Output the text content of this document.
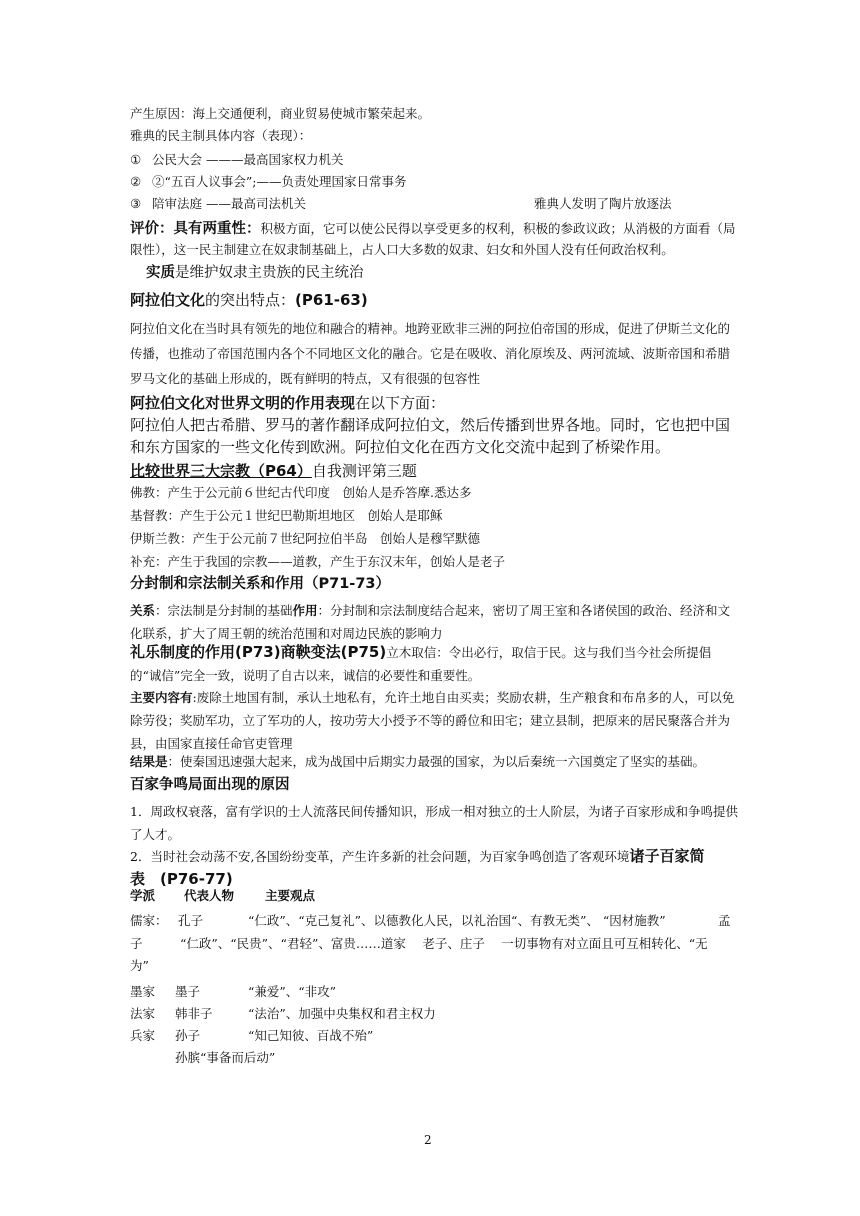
产生原因：海上交通便利，商业贸易使城市繁荣起来。
雅典的民主制具体内容（表现）：
① 公民大会 ———最高国家权力机关
② ②“五百人议事会”;——负责处理国家日常事务
③ 陪审法庭 ——最高司法机关	雅典人发明了陶片放逐法
评价：具有两重性：积极方面，它可以使公民得以享受更多的权利，积极的参政议政；从消极的方面看（局限性），这一民主制建立在奴隶制基础上，占人口大多数的奴隶、妇女和外国人没有任何政治权利。
实质是维护奴隶主贵族的民主统治
阿拉伯文化的突出特点：(P61-63)
阿拉伯文化在当时具有领先的地位和融合的精神。地跨亚欧非三洲的阿拉伯帝国的形成，促进了伊斯兰文化的传播，也推动了帝国范围内各个不同地区文化的融合。它是在吸收、消化原埃及、两河流域、波斯帝国和希腊罗马文化的基础上形成的，既有鲜明的特点，又有很强的包容性
阿拉伯文化对世界文明的作用表现在以下方面：
阿拉伯人把古希腊、罗马的著作翻译成阿拉伯文，然后传播到世界各地。同时，它也把中国和东方国家的一些文化传到欧洲。阿拉伯文化在西方文化交流中起到了桥梁作用。
比较世界三大宗教（P64）自我测评第三题
佛教：产生于公元前６世纪古代印度　创始人是乔答摩.悉达多
基督教：产生于公元１世纪巴勒斯坦地区　创始人是耶稣
伊斯兰教：产生于公元前７世纪阿拉伯半岛　创始人是穆罕默德
补充：产生于我国的宗教——道教，产生于东汉末年，创始人是老子
分封制和宗法制关系和作用（P71-73）
关系：宗法制是分封制的基础作用：分封制和宗法制度结合起来，密切了周王室和各诸侯国的政治、经济和文化联系，扩大了周王朝的统治范围和对周边民族的影响力
礼乐制度的作用(P73)商鞅变法(P75)立木取信：令出必行，取信于民。这与我们当今社会所提倡的“诚信”完全一致，说明了自古以来，诚信的必要性和重要性。
主要内容有:废除土地国有制，承认土地私有，允许土地自由买卖；奖励农耕，生产粮食和布帛多的人，可以免除劳役；奖励军功，立了军功的人，按功劳大小授予不等的爵位和田宅；建立县制，把原来的居民聚落合并为县，由国家直接任命官吏管理
结果是：使秦国迅速强大起来，成为战国中后期实力最强的国家，为以后秦统一六国奠定了坚实的基础。
百家争鸣局面出现的原因
1．周政权衰落，富有学识的士人流落民间传播知识，形成一相对独立的士人阶层，为诸子百家形成和争鸣提供了人才。
2．当时社会动荡不安,各国纷纷变革，产生许多新的社会问题，为百家争鸣创造了客观环境诸子百家简
表　(P76-77)
学派 代表人物 主要观点
儒家： 孔子	“仁政”、“克己复礼”、以德教化人民，以礼治国“、有教无类”、 “因材施教”	孟
子　　　“仁政”、“民贵”、“君轻”、富贵……道家　 老子、庄子　 一切事物有对立面且可互相转化、“无
为”
墨家 墨子	“兼爱”、“非攻”
法家 韩非子	“法治”、加强中央集权和君主权力
兵家 孙子	“知己知彼、百战不殆”
孙膑“事备而后动”
2
